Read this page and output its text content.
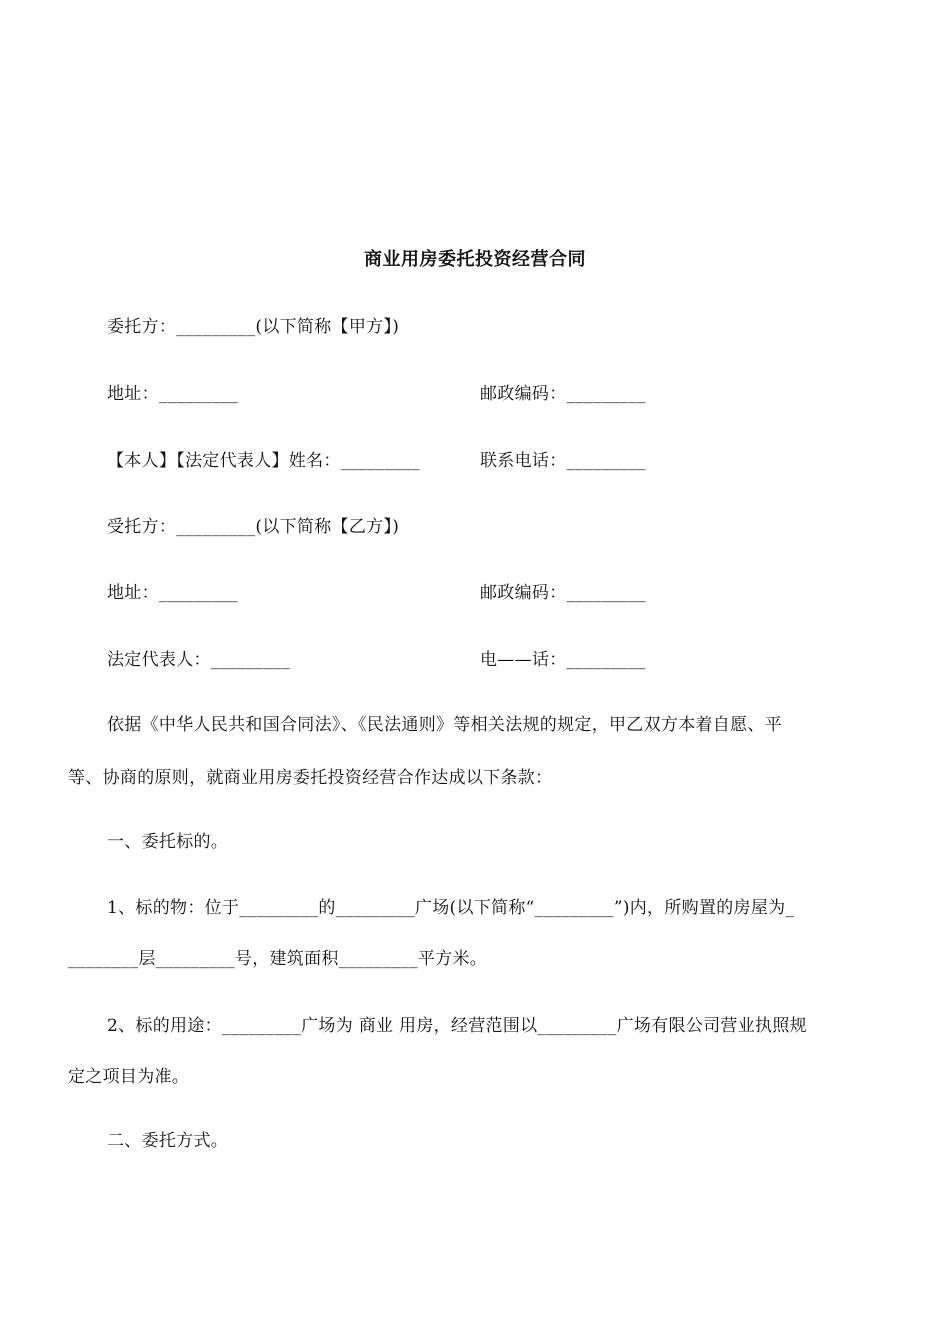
商业用房委托投资经营合同
委托方：_________(以下简称【甲方】)
地址：_________	邮政编码：_________
【本人】【法定代表人】姓名：_________	联系电话：_________
受托方：_________(以下简称【乙方】)
地址：_________	邮政编码：_________
法定代表人：_________	电——话：_________
依据《中华人民共和国合同法》、《民法通则》等相关法规的规定，甲乙双方本着自愿、平
等、协商的原则，就商业用房委托投资经营合作达成以下条款：
一、委托标的。
1、标的物：位于_________的_________广场(以下简称“_________”)内，所购置的房屋为_
________层_________号，建筑面积_________平方米。
2、标的用途：_________广场为 商业 用房，经营范围以_________广场有限公司营业执照规
定之项目为准。
二、委托方式。
